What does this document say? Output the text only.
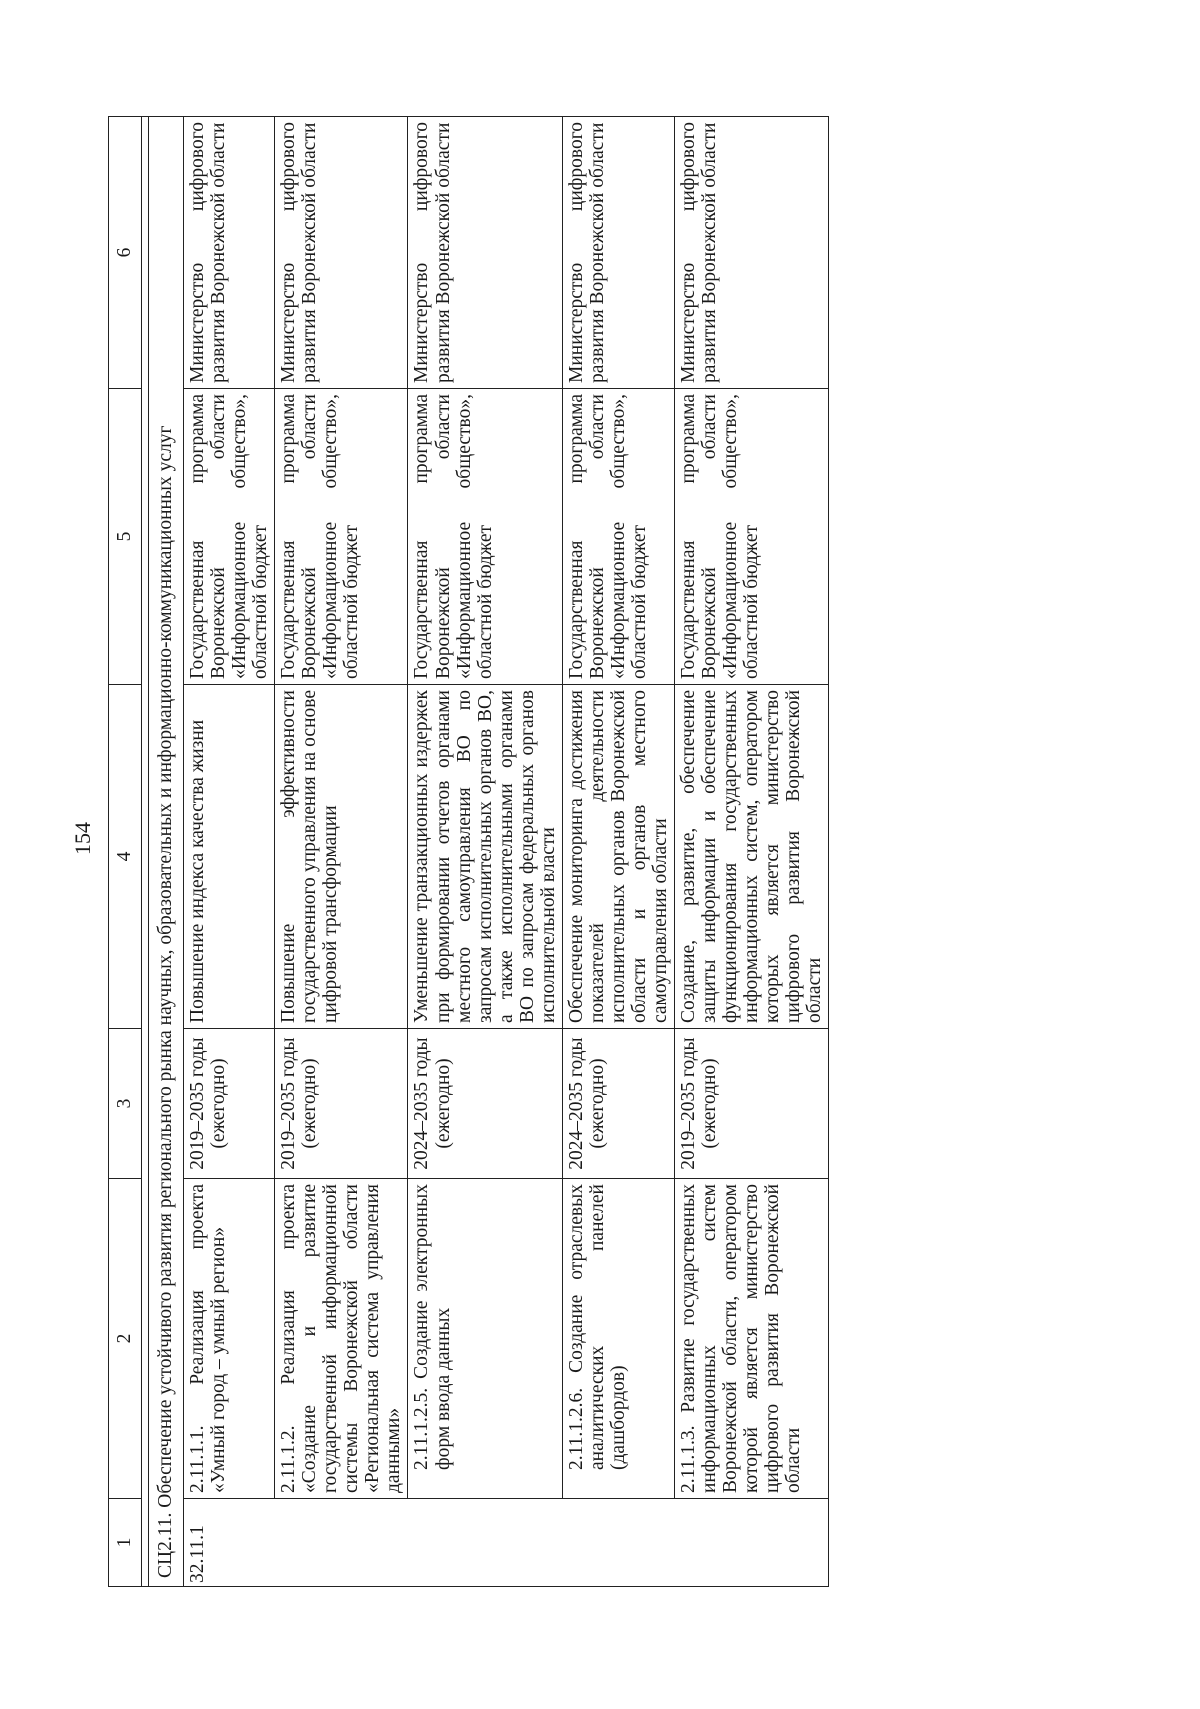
154
1	2	3	4	5	6

СЦ2.11. Обеспечение устойчивого развития регионального рынка научных, образовательных и информационно-коммуникационных услуг					
32.11.1	2.11.1.1. Реализация проекта «Умный город – умный регион»	2019–2035 годы (ежегодно)	Повышение индекса качества жизни	Государственная программа Воронежской области «Информационное общество», областной бюджет	Министерство цифрового развития Воронежской области
	2.11.1.2. Реализация проекта «Создание и развитие государственной информационной системы Воронежской области «Региональная система управления данными»	2019–2035 годы (ежегодно)	Повышение эффективности государственного управления на основе цифровой трансформации	Государственная программа Воронежской области «Информационное общество», областной бюджет	Министерство цифрового развития Воронежской области
	2.11.1.2.5. Создание электронных форм ввода данных	2024–2035 годы (ежегодно)	Уменьшение транзакционных издержек при формировании отчетов органами местного самоуправления ВО по запросам исполнительных органов ВО, а также исполнительными органами ВО по запросам федеральных органов исполнительной власти	Государственная программа Воронежской области «Информационное общество», областной бюджет	Министерство цифрового развития Воронежской области
	2.11.1.2.6. Создание отраслевых аналитических панелей (дашбордов)	2024–2035 годы (ежегодно)	Обеспечение мониторинга достижения показателей деятельности исполнительных органов Воронежской области и органов местного самоуправления области	Государственная программа Воронежской области «Информационное общество», областной бюджет	Министерство цифрового развития Воронежской области
	2.11.1.3. Развитие государственных информационных систем Воронежской области, оператором которой является министерство цифрового развития Воронежской области	2019–2035 годы (ежегодно)	Создание, развитие, обеспечение защиты информации и обеспечение функционирования государственных информационных систем, оператором которых является министерство цифрового развития Воронежской области	Государственная программа Воронежской области «Информационное общество», областной бюджет	Министерство цифрового развития Воронежской области
